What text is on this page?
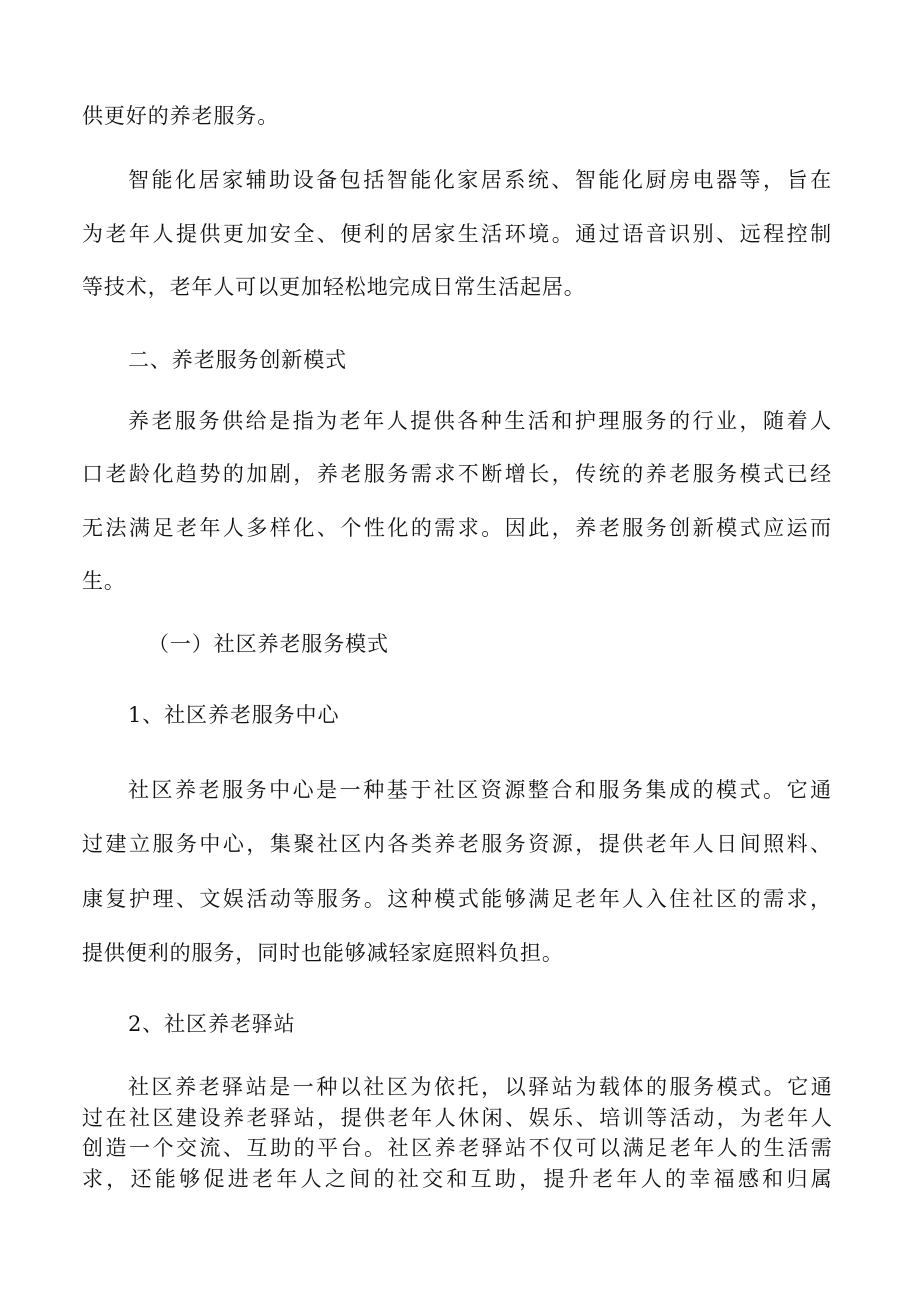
供更好的养老服务。
智能化居家辅助设备包括智能化家居系统、智能化厨房电器等，旨在
为老年人提供更加安全、便利的居家生活环境。通过语音识别、远程控制
等技术，老年人可以更加轻松地完成日常生活起居。
二、养老服务创新模式
养老服务供给是指为老年人提供各种生活和护理服务的行业，随着人
口老龄化趋势的加剧，养老服务需求不断增长，传统的养老服务模式已经
无法满足老年人多样化、个性化的需求。因此，养老服务创新模式应运而
生。
（一）社区养老服务模式
1、社区养老服务中心
社区养老服务中心是一种基于社区资源整合和服务集成的模式。它通
过建立服务中心，集聚社区内各类养老服务资源，提供老年人日间照料、
康复护理、文娱活动等服务。这种模式能够满足老年人入住社区的需求，
提供便利的服务，同时也能够减轻家庭照料负担。
2、社区养老驿站
社区养老驿站是一种以社区为依托，以驿站为载体的服务模式。它通
过在社区建设养老驿站，提供老年人休闲、娱乐、培训等活动，为老年人
创造一个交流、互助的平台。社区养老驿站不仅可以满足老年人的生活需
求，还能够促进老年人之间的社交和互助，提升老年人的幸福感和归属
